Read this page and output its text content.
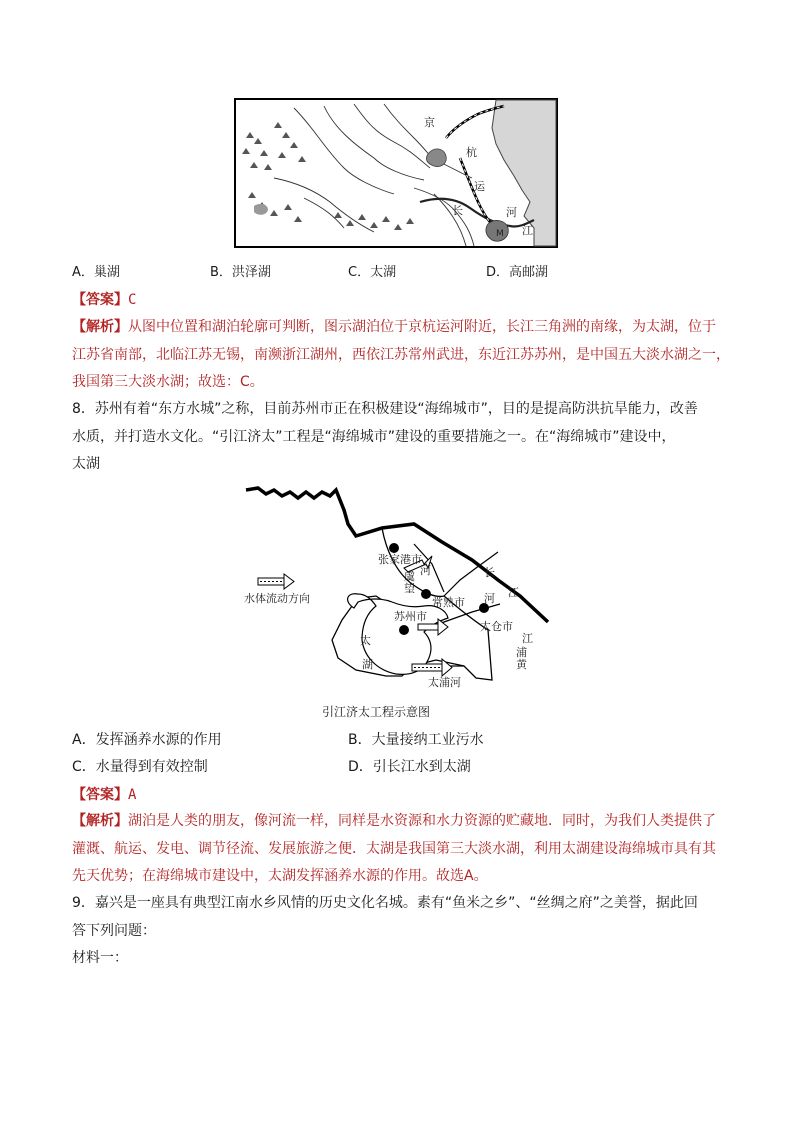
京
杭
运
河
江
长
M
A．巢湖	B．洪泽湖	C．太湖	D．高邮湖
【答案】C
【解析】从图中位置和湖泊轮廓可判断，图示湖泊位于京杭运河附近，长江三角洲的南缘，为太湖，位于
江苏省南部，北临江苏无锡，南濒浙江湖州，西依江苏常州武进，东近江苏苏州，是中国五大淡水湖之一，
我国第三大淡水湖；故选：C。
8．苏州有着“东方水城”之称，目前苏州市正在积极建设“海绵城市”，目的是提高防洪抗旱能力，改善
水质，并打造水文化。“引江济太”工程是“海绵城市”建设的重要措施之一。在“海绵城市”建设中，
太湖
水体流动方向
张家港市
常熟市
苏州市
太仓市
太
湖
河
虞
望
长
河 江
江
浦
黄
太浦河
引江济太工程示意图
A．发挥涵养水源的作用	B．大量接纳工业污水
C．水量得到有效控制	D．引长江水到太湖
【答案】A
【解析】湖泊是人类的朋友，像河流一样，同样是水资源和水力资源的贮藏地．同时，为我们人类提供了
灌溉、航运、发电、调节径流、发展旅游之便．太湖是我国第三大淡水湖，利用太湖建设海绵城市具有其
先天优势；在海绵城市建设中，太湖发挥涵养水源的作用。故选A。
9．嘉兴是一座具有典型江南水乡风情的历史文化名城。素有“鱼米之乡”、“丝绸之府”之美誉，据此回
答下列问题：
材料一：
